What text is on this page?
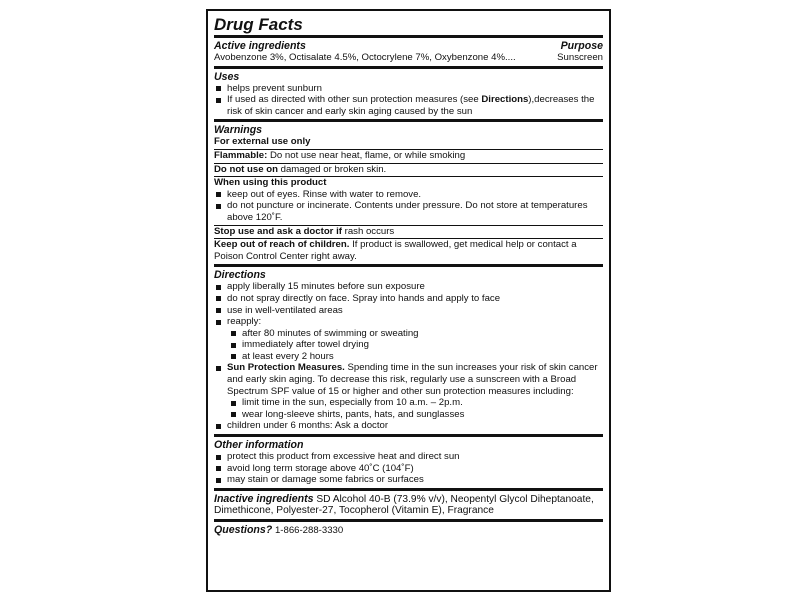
Drug Facts
Active ingredients	Purpose
Avobenzone 3%, Octisalate 4.5%, Octocrylene 7%, Oxybenzone 4%....	Sunscreen
Uses
helps prevent sunburn
If used as directed with other sun protection measures (see Directions),decreases the risk of skin cancer and early skin aging caused by the sun
Warnings
For external use only
Flammable: Do not use near heat, flame, or while smoking
Do not use on damaged or broken skin.
When using this product
keep out of eyes. Rinse with water to remove.
do not puncture or incinerate. Contents under pressure. Do not store at temperatures above 120˚F.
Stop use and ask a doctor if rash occurs
Keep out of reach of children. If product is swallowed, get medical help or contact a Poison Control Center right away.
Directions
apply liberally 15 minutes before sun exposure
do not spray directly on face. Spray into hands and apply to face
use in well-ventilated areas
reapply:
after 80 minutes of swimming or sweating
immediately after towel drying
at least every 2 hours
Sun Protection Measures. Spending time in the sun increases your risk of skin cancer and early skin aging. To decrease this risk, regularly use a sunscreen with a Broad Spectrum SPF value of 15 or higher and other sun protection measures including:
limit time in the sun, especially from 10 a.m. – 2p.m.
wear long-sleeve shirts, pants, hats, and sunglasses
children under 6 months: Ask a doctor
Other information
protect this product from excessive heat and direct sun
avoid long term storage above 40˚C (104˚F)
may stain or damage some fabrics or surfaces
Inactive ingredients SD Alcohol 40-B (73.9% v/v), Neopentyl Glycol Diheptanoate, Dimethicone, Polyester-27, Tocopherol (Vitamin E), Fragrance
Questions? 1-866-288-3330
